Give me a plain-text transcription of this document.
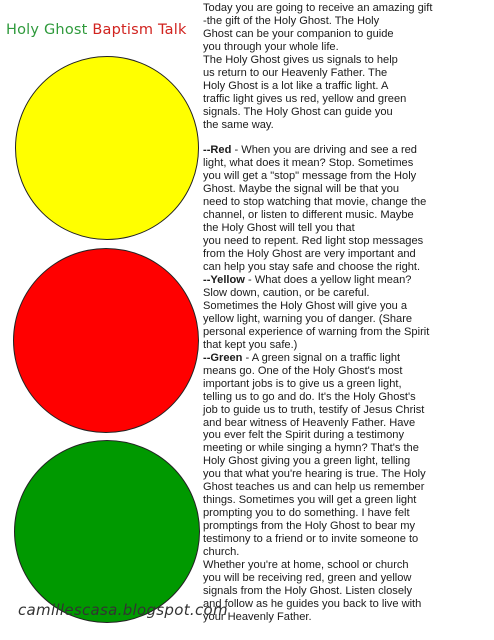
Holy Ghost Baptism Talk
camillescasa.blogspot.com
Today you are going to receive an amazing gift
-the gift of the Holy Ghost. The Holy
Ghost can be your companion to guide
you through your whole life.
The Holy Ghost gives us signals to help
us return to our Heavenly Father. The
Holy Ghost is a lot like a traffic light. A
traffic light gives us red, yellow and green
signals. The Holy Ghost can guide you
the same way.

--Red - When you are driving and see a red
light, what does it mean? Stop. Sometimes
you will get a "stop" message from the Holy
Ghost. Maybe the signal will be that you
need to stop watching that movie, change the
channel, or listen to different music. Maybe
the Holy Ghost will tell you that
you need to repent. Red light stop messages
from the Holy Ghost are very important and
can help you stay safe and choose the right.
--Yellow - What does a yellow light mean?
Slow down, caution, or be careful.
Sometimes the Holy Ghost will give you a
yellow light, warning you of danger. (Share
personal experience of warning from the Spirit
that kept you safe.)
--Green - A green signal on a traffic light
means go. One of the Holy Ghost's most
important jobs is to give us a green light,
telling us to go and do. It's the Holy Ghost's
job to guide us to truth, testify of Jesus Christ
and bear witness of Heavenly Father. Have
you ever felt the Spirit during a testimony
meeting or while singing a hymn? That's the
Holy Ghost giving you a green light, telling
you that what you're hearing is true. The Holy
Ghost teaches us and can help us remember
things. Sometimes you will get a green light
prompting you to do something. I have felt
promptings from the Holy Ghost to bear my
testimony to a friend or to invite someone to
church.
Whether you're at home, school or church
you will be receiving red, green and yellow
signals from the Holy Ghost. Listen closely
and follow as he guides you back to live with
your Heavenly Father.
